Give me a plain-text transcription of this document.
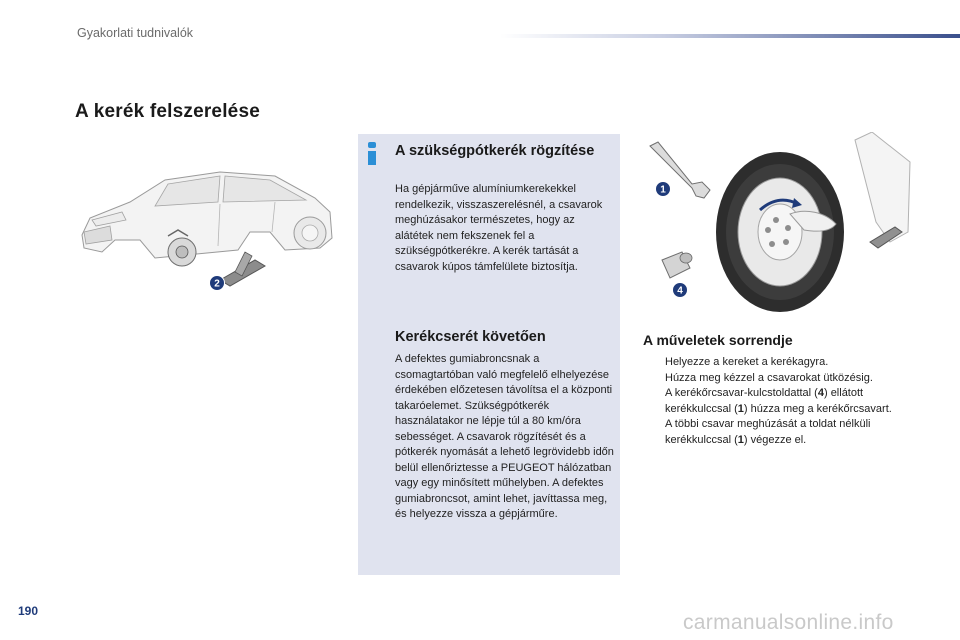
Gyakorlati tudnivalók
A kerék felszerelése
2
1
4
A szükségpótkerék rögzítése
Ha gépjárműve alumíniumkerekekkel rendelkezik, visszaszerelésnél, a csavarok meghúzásakor természetes, hogy az alátétek nem fekszenek fel a szükségpótkerékre. A kerék tartását a csavarok kúpos támfelülete biztosítja.
Kerékcserét követően
A defektes gumiabroncsnak a csomagtartóban való megfelelő elhelyezése érdekében előzetesen távolítsa el a központi takaróelemet. Szükségpótkerék használatakor ne lépje túl a 80 km/óra sebességet. A csavarok rögzítését és a pótkerék nyomását a lehető legrövidebb időn belül ellenőriztesse a PEUGEOT hálózatban vagy egy minősített műhelyben. A defektes gumiabroncsot, amint lehet, javíttassa meg, és helyezze vissza a gépjárműre.
A műveletek sorrendje
Helyezze a kereket a kerékagyra.
Húzza meg kézzel a csavarokat ütközésig.
A kerékőrcsavar-kulcstoldattal (4) ellátott kerékkulccsal (1) húzza meg a kerékőrcsavart.
A többi csavar meghúzását a toldat nélküli kerékkulccsal (1) végezze el.
190	carmanualsonline.info
